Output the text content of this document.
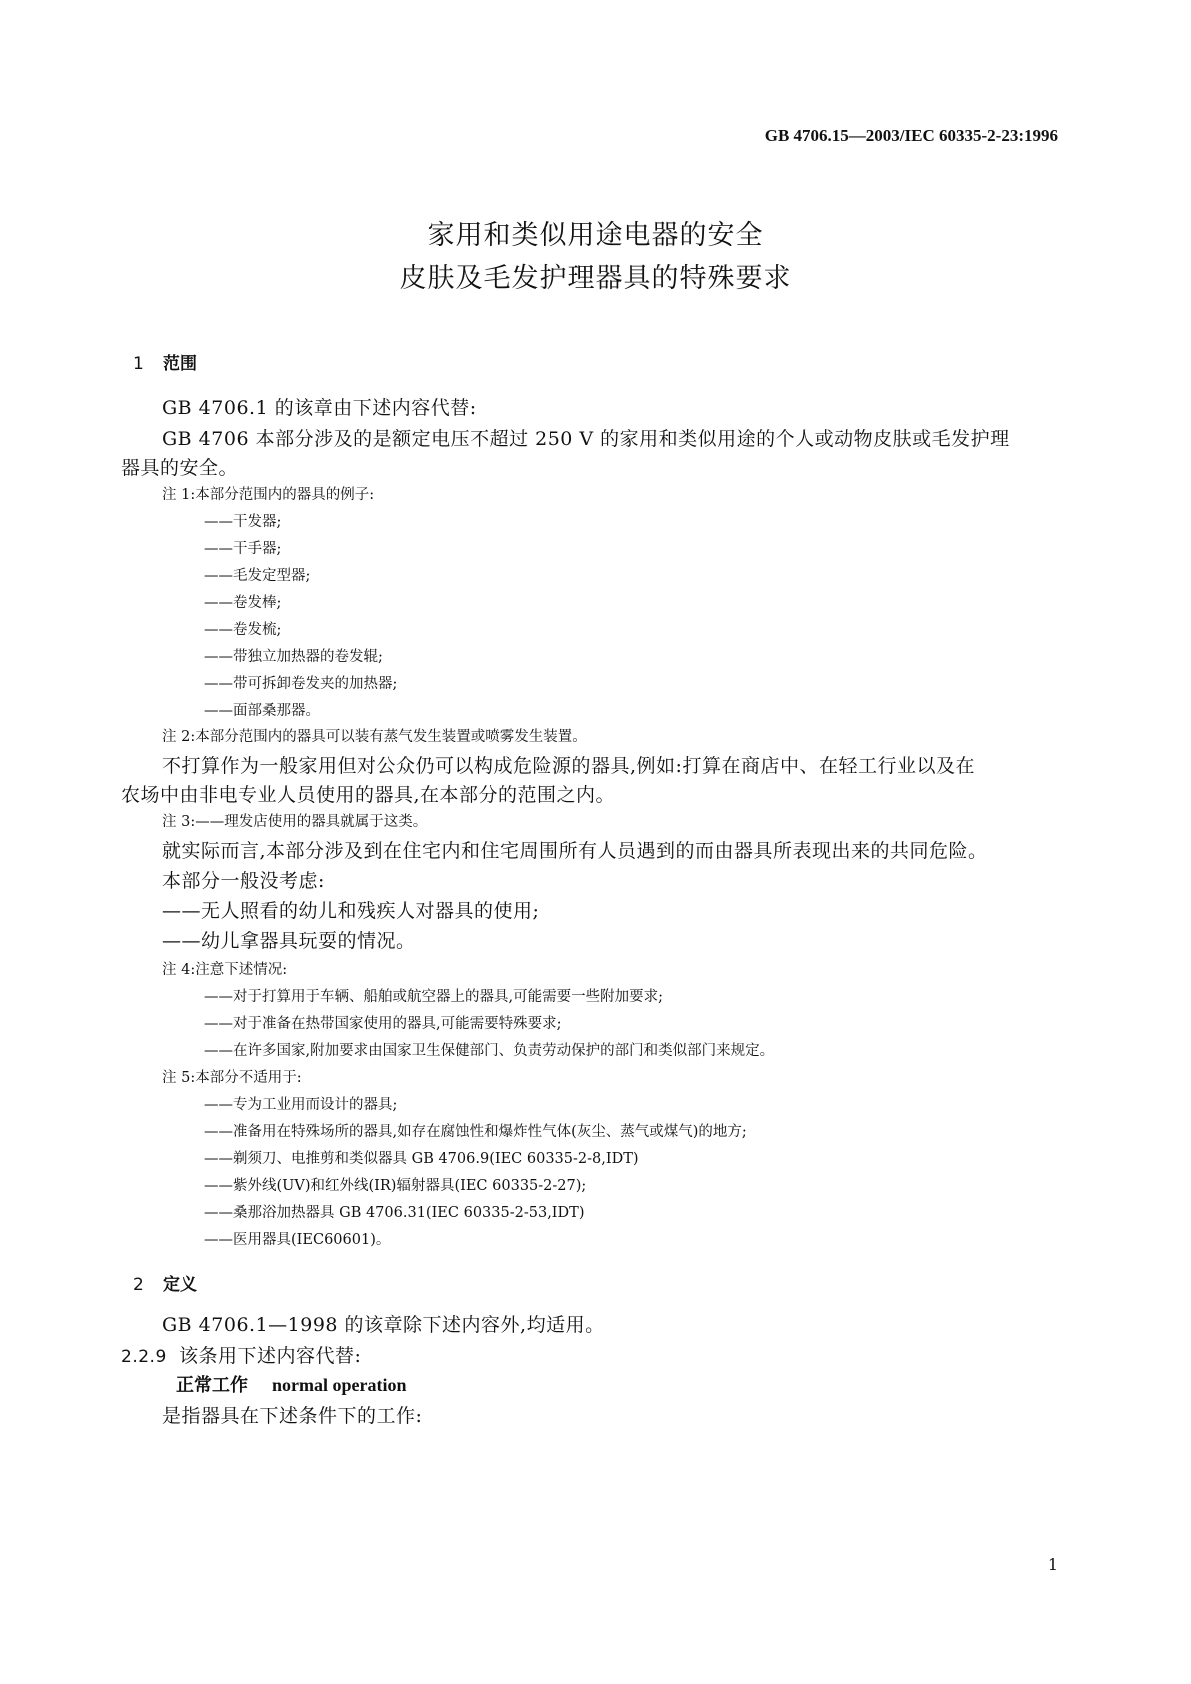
GB 4706.15—2003/IEC 60335-2-23:1996
家用和类似用途电器的安全
皮肤及毛发护理器具的特殊要求
1 范围
GB 4706.1 的该章由下述内容代替:
GB 4706 本部分涉及的是额定电压不超过 250 V 的家用和类似用途的个人或动物皮肤或毛发护理
器具的安全。
注 1:本部分范围内的器具的例子:
——干发器;
——干手器;
——毛发定型器;
——卷发棒;
——卷发梳;
——带独立加热器的卷发辊;
——带可拆卸卷发夹的加热器;
——面部桑那器。
注 2:本部分范围内的器具可以装有蒸气发生装置或喷雾发生装置。
不打算作为一般家用但对公众仍可以构成危险源的器具,例如:打算在商店中、在轻工行业以及在
农场中由非电专业人员使用的器具,在本部分的范围之内。
注 3:——理发店使用的器具就属于这类。
就实际而言,本部分涉及到在住宅内和住宅周围所有人员遇到的而由器具所表现出来的共同危险。
本部分一般没考虑:
——无人照看的幼儿和残疾人对器具的使用;
——幼儿拿器具玩耍的情况。
注 4:注意下述情况:
——对于打算用于车辆、船舶或航空器上的器具,可能需要一些附加要求;
——对于准备在热带国家使用的器具,可能需要特殊要求;
——在许多国家,附加要求由国家卫生保健部门、负责劳动保护的部门和类似部门来规定。
注 5:本部分不适用于:
——专为工业用而设计的器具;
——准备用在特殊场所的器具,如存在腐蚀性和爆炸性气体(灰尘、蒸气或煤气)的地方;
——剃须刀、电推剪和类似器具 GB 4706.9(IEC 60335-2-8,IDT)
——紫外线(UV)和红外线(IR)辐射器具(IEC 60335-2-27);
——桑那浴加热器具 GB 4706.31(IEC 60335-2-53,IDT)
——医用器具(IEC60601)。
2 定义
GB 4706.1—1998 的该章除下述内容外,均适用。
2.2.9 该条用下述内容代替:
正常工作 normal operation
是指器具在下述条件下的工作:
1
